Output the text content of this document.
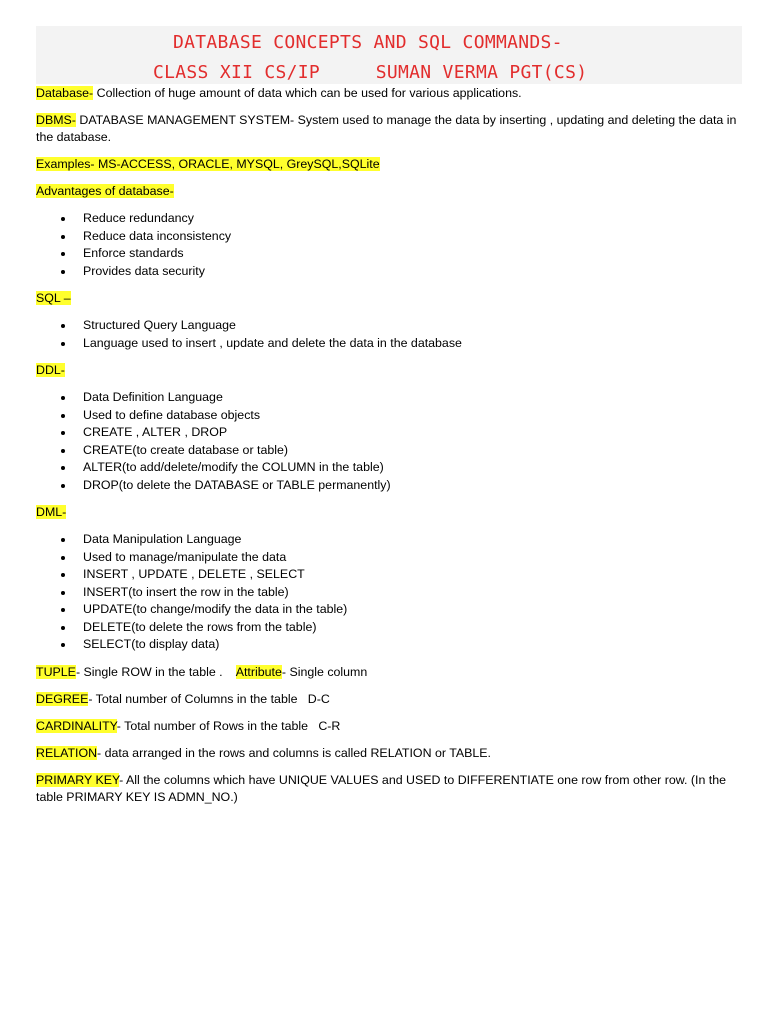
DATABASE CONCEPTS AND SQL COMMANDS-
CLASS XII CS/IP     SUMAN VERMA PGT(CS)

Database- Collection of huge amount of data which can be used for various applications.

DBMS- DATABASE MANAGEMENT SYSTEM- System used to manage the data by inserting , updating and deleting the data in the database.

Examples- MS-ACCESS, ORACLE, MYSQL, GreySQL,SQLite

Advantages of database-

Reduce redundancy
Reduce data inconsistency
Enforce standards
Provides data security

SQL –

Structured Query Language
Language used to insert , update and delete the data in the database

DDL-

Data Definition Language
Used to define database objects
CREATE , ALTER , DROP
CREATE(to create database or table)
ALTER(to add/delete/modify the COLUMN in the table)
DROP(to delete the DATABASE or TABLE permanently)

DML-

Data Manipulation Language
Used to manage/manipulate the data
INSERT , UPDATE , DELETE , SELECT
INSERT(to insert the row in the table)
UPDATE(to change/modify the data in the table)
DELETE(to delete the rows from the table)
SELECT(to display data)

TUPLE- Single ROW in the table .    Attribute- Single column

DEGREE- Total number of Columns in the table   D-C

CARDINALITY- Total number of Rows in the table   C-R

RELATION- data arranged in the rows and columns is called RELATION or TABLE.

PRIMARY KEY- All the columns which have UNIQUE VALUES and USED to DIFFERENTIATE one row from other row. (In the table PRIMARY KEY IS ADMN_NO.)
